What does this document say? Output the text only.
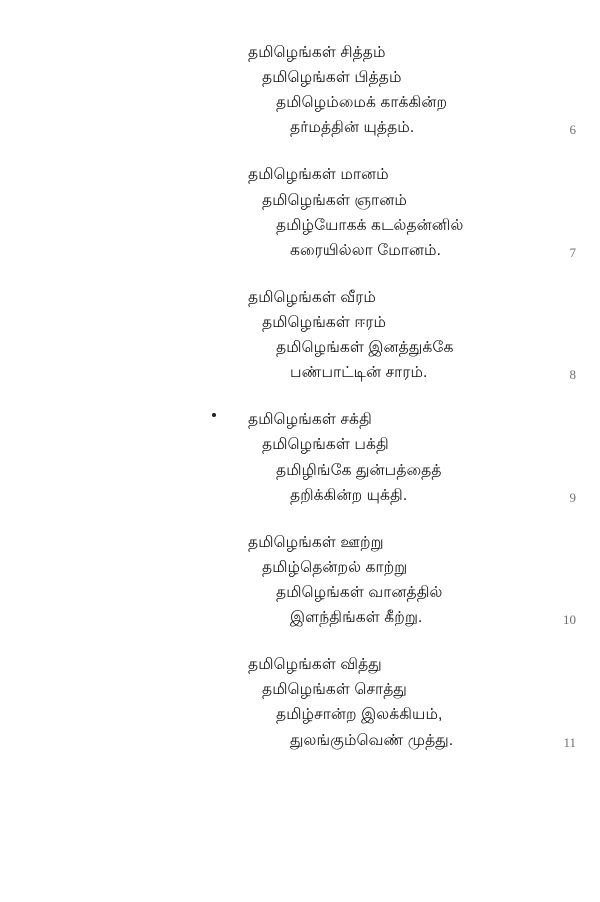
தமிழெங்கள் சித்தம்
தமிழெங்கள் பித்தம்
தமிழெம்மைக் காக்கின்ற
தர்மத்தின் யுத்தம்.	6
தமிழெங்கள் மானம்
தமிழெங்கள் ஞானம்
தமிழ்யோகக் கடல்தன்னில்
கரையில்லா மோனம்.	7
தமிழெங்கள் வீரம்
தமிழெங்கள் ஈரம்
தமிழெங்கள் இனத்துக்கே
பண்பாட்டின் சாரம்.	8
தமிழெங்கள் சக்தி
தமிழெங்கள் பக்தி
தமிழிங்கே துன்பத்தைத்
தறிக்கின்ற யுக்தி.	9
தமிழெங்கள் ஊற்று
தமிழ்தென்றல் காற்று
தமிழெங்கள் வானத்தில்
இளந்திங்கள் கீற்று.	10
தமிழெங்கள் வித்து
தமிழெங்கள் சொத்து
தமிழ்சான்ற இலக்கியம்,
துலங்கும்வெண் முத்து.	11
